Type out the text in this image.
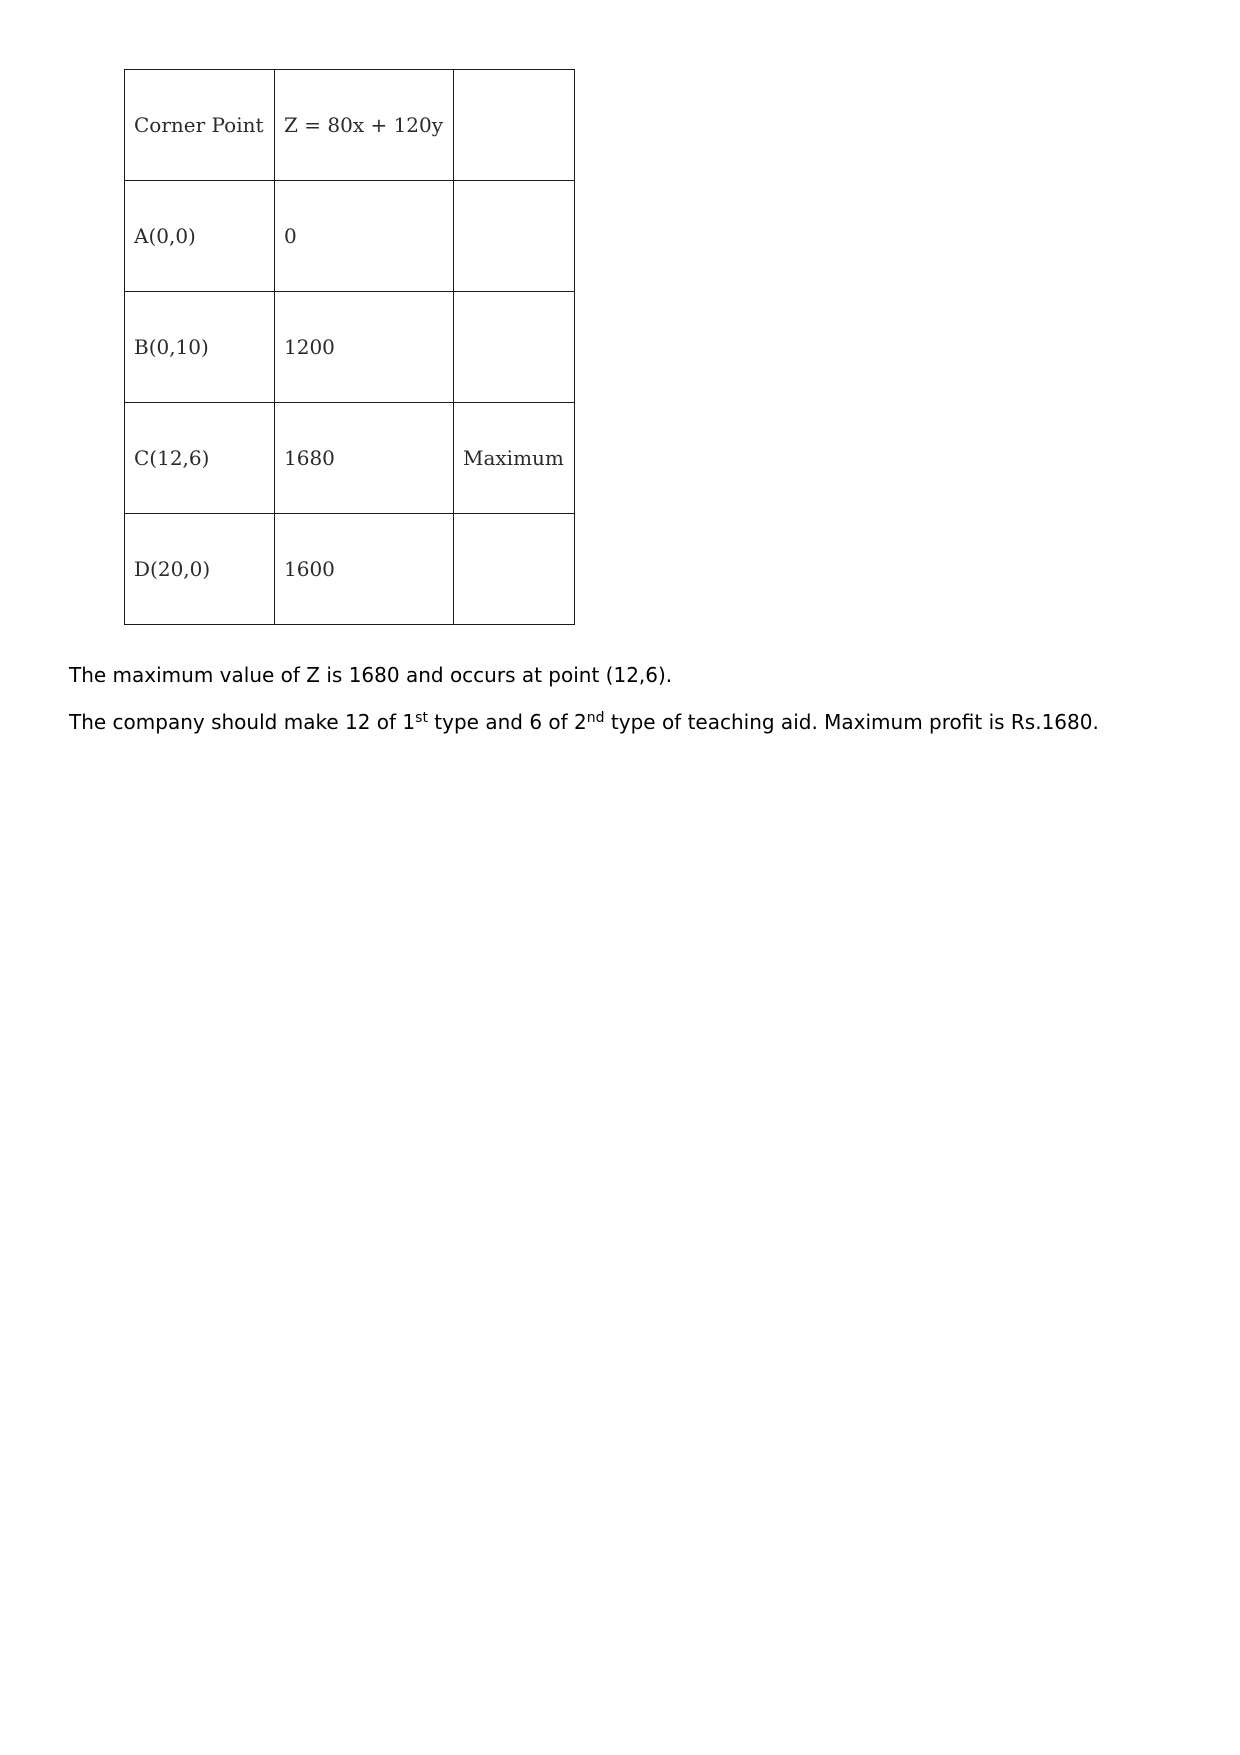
Corner Point	Z = 80x + 120y	
A(0,0)	0	
B(0,10)	1200	
C(12,6)	1680	Maximum
D(20,0)	1600	

The maximum value of Z is 1680 and occurs at point (12,6).

The company should make 12 of 1st type and 6 of 2nd type of teaching aid. Maximum profit is Rs.1680.
